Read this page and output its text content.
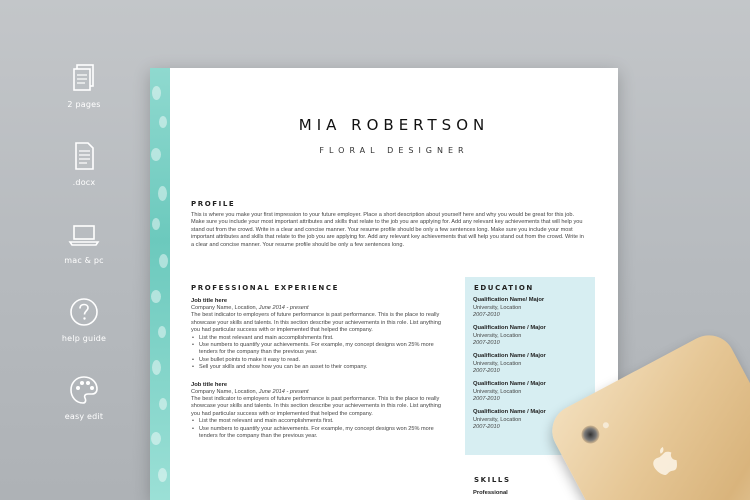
2 pages
.docx
mac & pc
help guide
easy edit
MIA ROBERTSON
FLORAL DESIGNER
PROFILE
This is where you make your first impression to your future employer. Place a short description about yourself here and why you would be great for this job. Make sure you include your most important attributes and skills that relate to the job you are applying for. Add any relevant key achievements that will help you stand out from the crowd. Write in a clear and concise manner. Your resume profile should be only a few sentences long. Make sure you include your most important attributes and skills that relate to the job you are applying for. Add any relevant key achievements that will help you stand out from the crowd. Write in a clear and concise manner. Your resume profile should be only a few sentences long.
PROFESSIONAL EXPERIENCE
Job title here
Company Name, Location, June 2014 - present
The best indicator to employers of future performance is past performance. This is the place to really showcase your skills and talents. In this section describe your achievements in this role. List anything you had particular success with or implemented that helped the company.
• List the most relevant and main accomplishments first.
• Use numbers to quantify your achievements. For example, my concept designs won 25% more tenders for the company than the previous year.
• Use bullet points to make it easy to read.
• Sell your skills and show how you can be an asset to their company.
Job title here
Company Name, Location, June 2014 - present
The best indicator to employers of future performance is past performance. This is the place to really showcase your skills and talents. In this section describe your achievements in this role. List anything you had particular success with or implemented that helped the company.
• List the most relevant and main accomplishments first.
• Use numbers to quantify your achievements. For example, my concept designs won 25% more tenders for the company than the previous year.
EDUCATION
Qualification Name/ Major
University, Location
2007-2010
Qualification Name / Major
University, Location
2007-2010
Qualification Name / Major
University, Location
2007-2010
Qualification Name / Major
University, Location
2007-2010
Qualification Name / Major
University, Location
2007-2010
SKILLS
Professional
